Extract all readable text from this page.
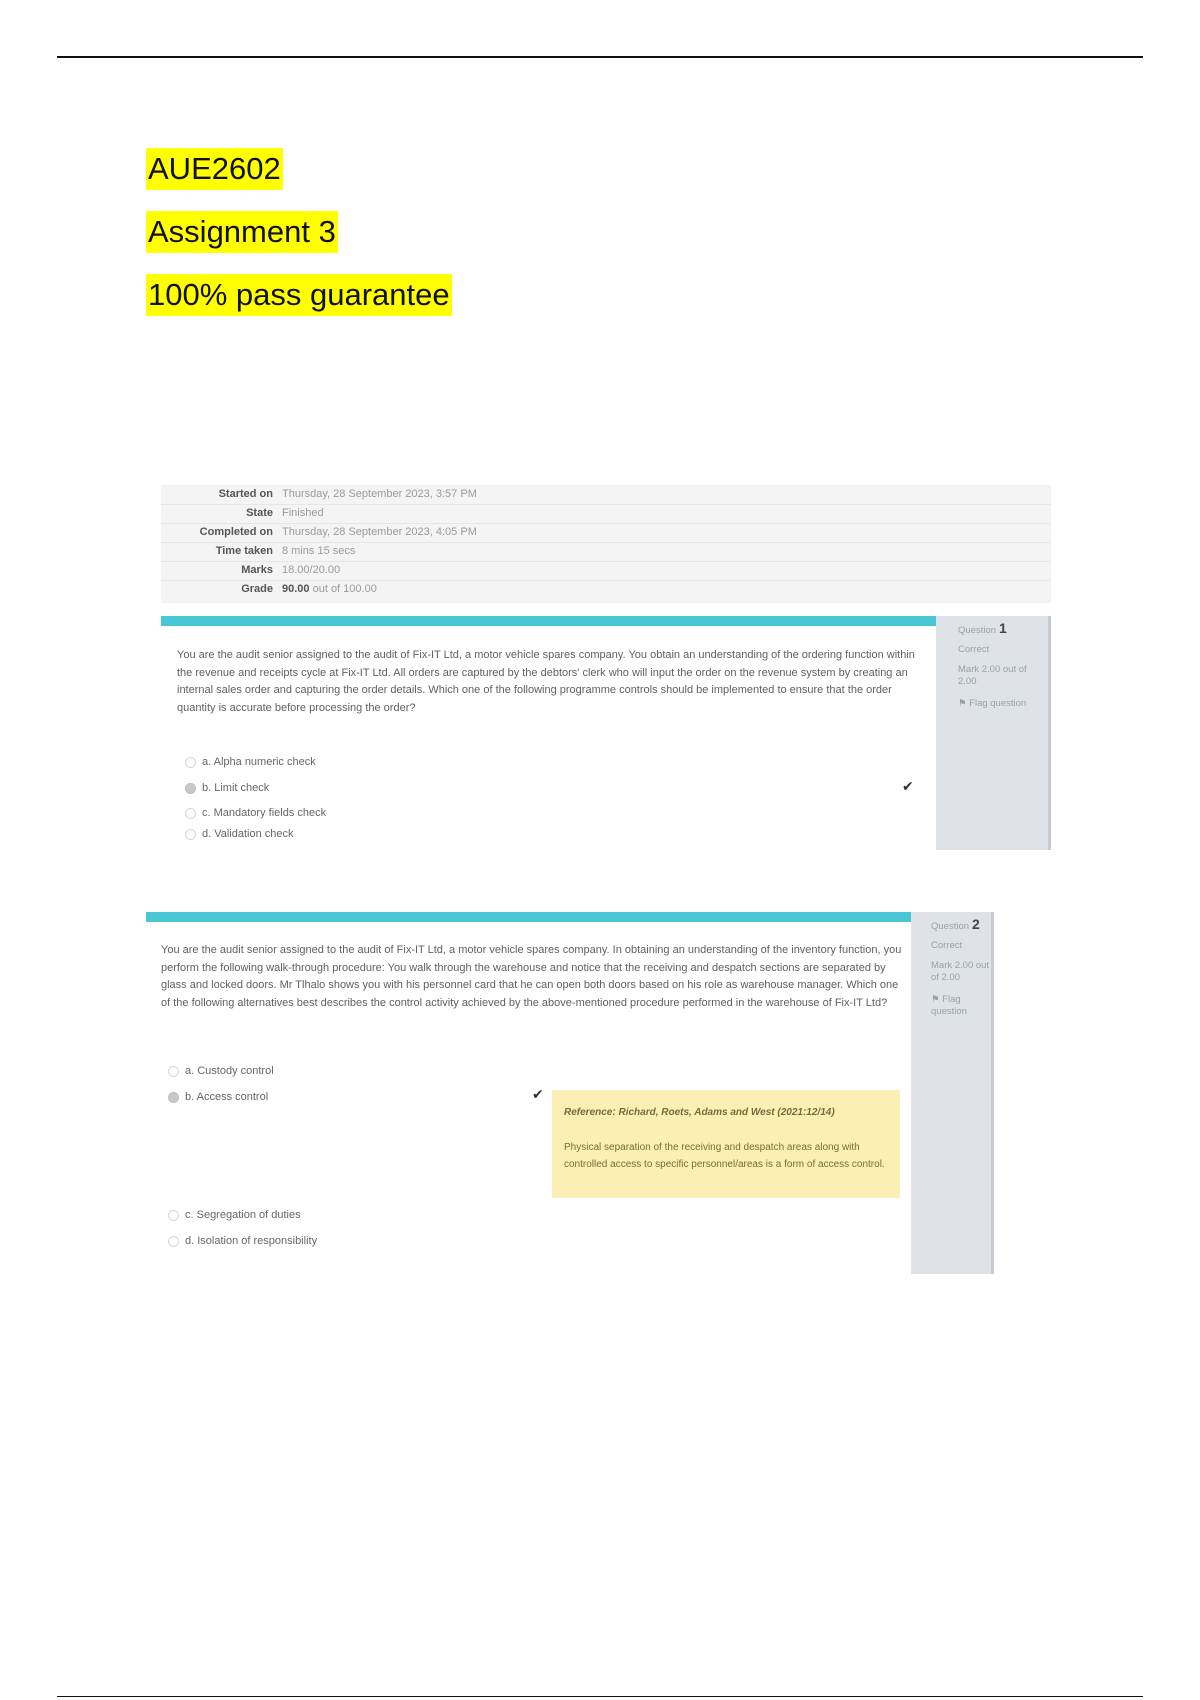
AUE2602
Assignment 3
100% pass guarantee
Started on Thursday, 28 September 2023, 3:57 PM
State Finished
Completed on Thursday, 28 September 2023, 4:05 PM
Time taken 8 mins 15 secs
Marks 18.00/20.00
Grade 90.00 out of 100.00
You are the audit senior assigned to the audit of Fix-IT Ltd, a motor vehicle spares company. You obtain an understanding of the ordering function within the revenue and receipts cycle at Fix-IT Ltd. All orders are captured by the debtors' clerk who will input the order on the revenue system by creating an internal sales order and capturing the order details. Which one of the following programme controls should be implemented to ensure that the order quantity is accurate before processing the order?
a. Alpha numeric check
b. Limit check
c. Mandatory fields check
d. Validation check
✔
Question 1
Correct
Mark 2.00 out of 2.00
⚑ Flag question
You are the audit senior assigned to the audit of Fix-IT Ltd, a motor vehicle spares company. In obtaining an understanding of the inventory function, you perform the following walk-through procedure: You walk through the warehouse and notice that the receiving and despatch sections are separated by glass and locked doors. Mr Tlhalo shows you with his personnel card that he can open both doors based on his role as warehouse manager. Which one of the following alternatives best describes the control activity achieved by the above-mentioned procedure performed in the warehouse of Fix-IT Ltd?
a. Custody control
b. Access control	✔
Reference: Richard, Roets, Adams and West (2021:12/14)
Physical separation of the receiving and despatch areas along with controlled access to specific personnel/areas is a form of access control.
c. Segregation of duties
d. Isolation of responsibility
Question 2
Correct
Mark 2.00 out of 2.00
⚑ Flag question
